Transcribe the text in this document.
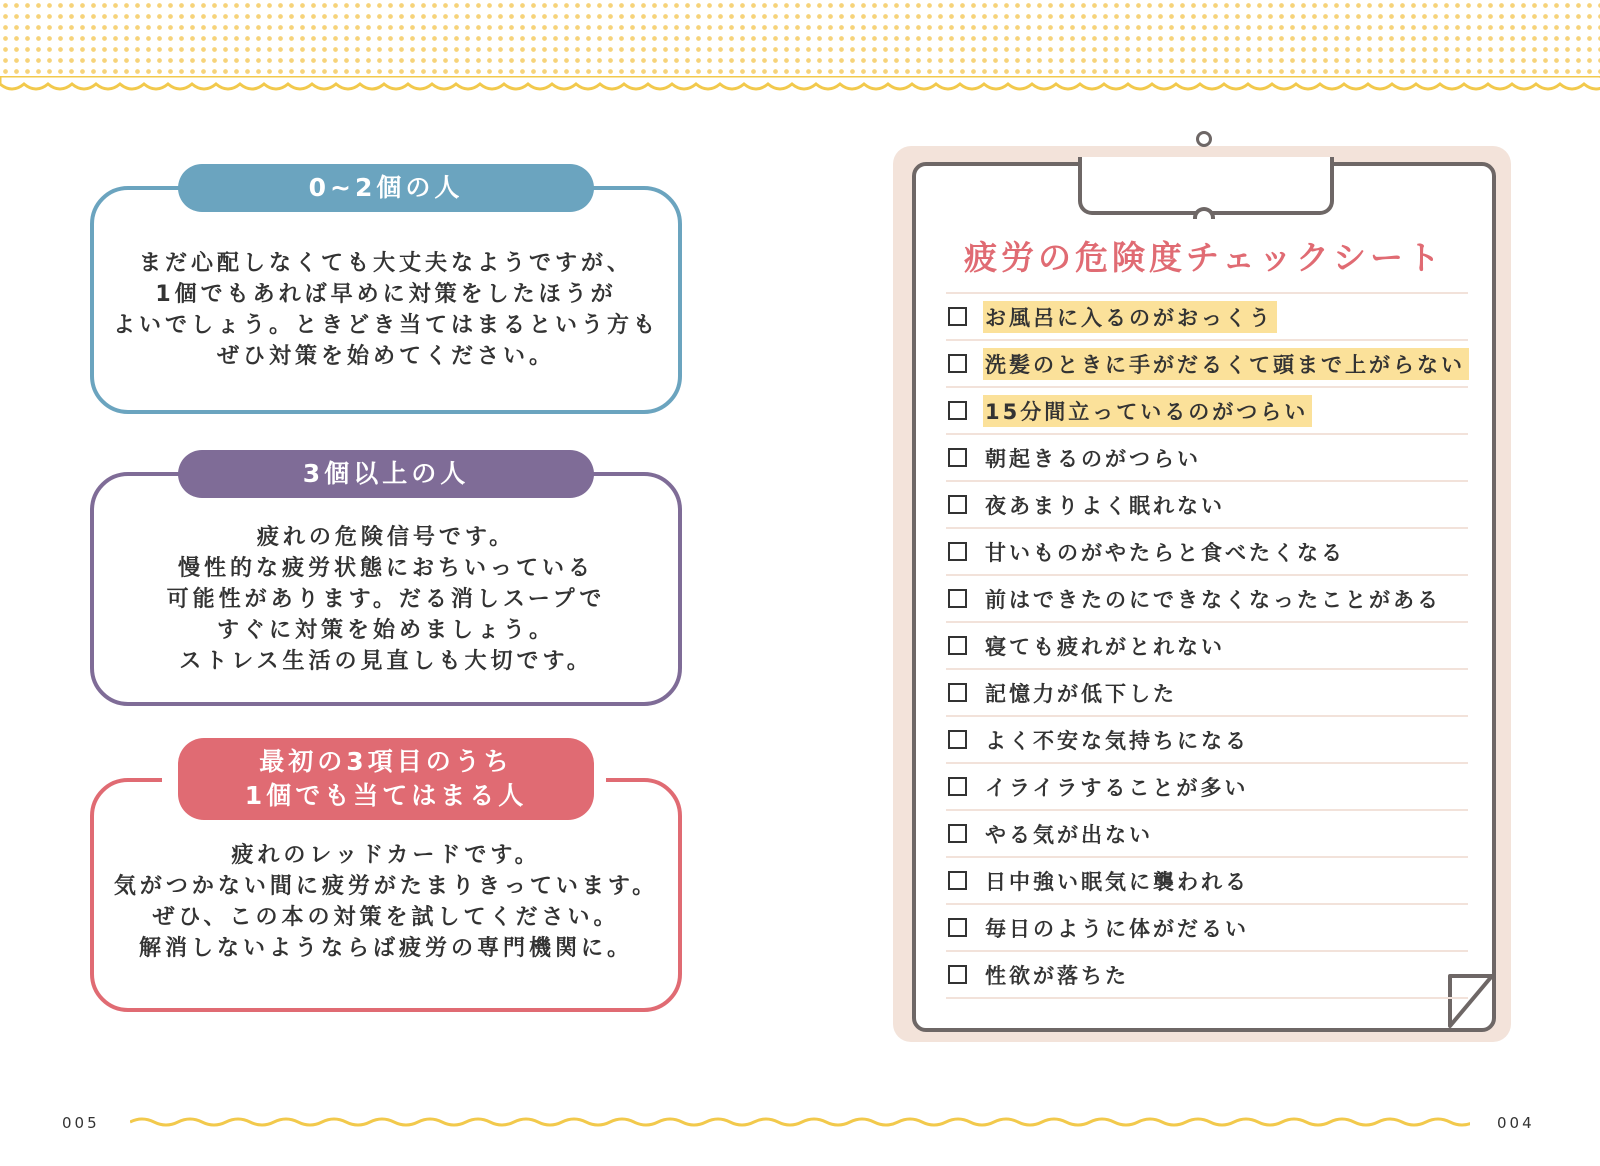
0~2個の人
まだ心配しなくても大丈夫なようですが、
1個でもあれば早めに対策をしたほうが
よいでしょう。ときどき当てはまるという方も
ぜひ対策を始めてください。
3個以上の人
疲れの危険信号です。
慢性的な疲労状態におちいっている
可能性があります。だる消しスープで
すぐに対策を始めましょう。
ストレス生活の見直しも大切です。
最初の3項目のうち
1個でも当てはまる人
疲れのレッドカードです。
気がつかない間に疲労がたまりきっています。
ぜひ、この本の対策を試してください。
解消しないようならば疲労の専門機関に。
疲労の危険度チェックシート
お風呂に入るのがおっくう
洗髪のときに手がだるくて頭まで上がらない
15分間立っているのがつらい
朝起きるのがつらい
夜あまりよく眠れない
甘いものがやたらと食べたくなる
前はできたのにできなくなったことがある
寝ても疲れがとれない
記憶力が低下した
よく不安な気持ちになる
イライラすることが多い
やる気が出ない
日中強い眠気に襲われる
毎日のように体がだるい
性欲が落ちた
005	004
